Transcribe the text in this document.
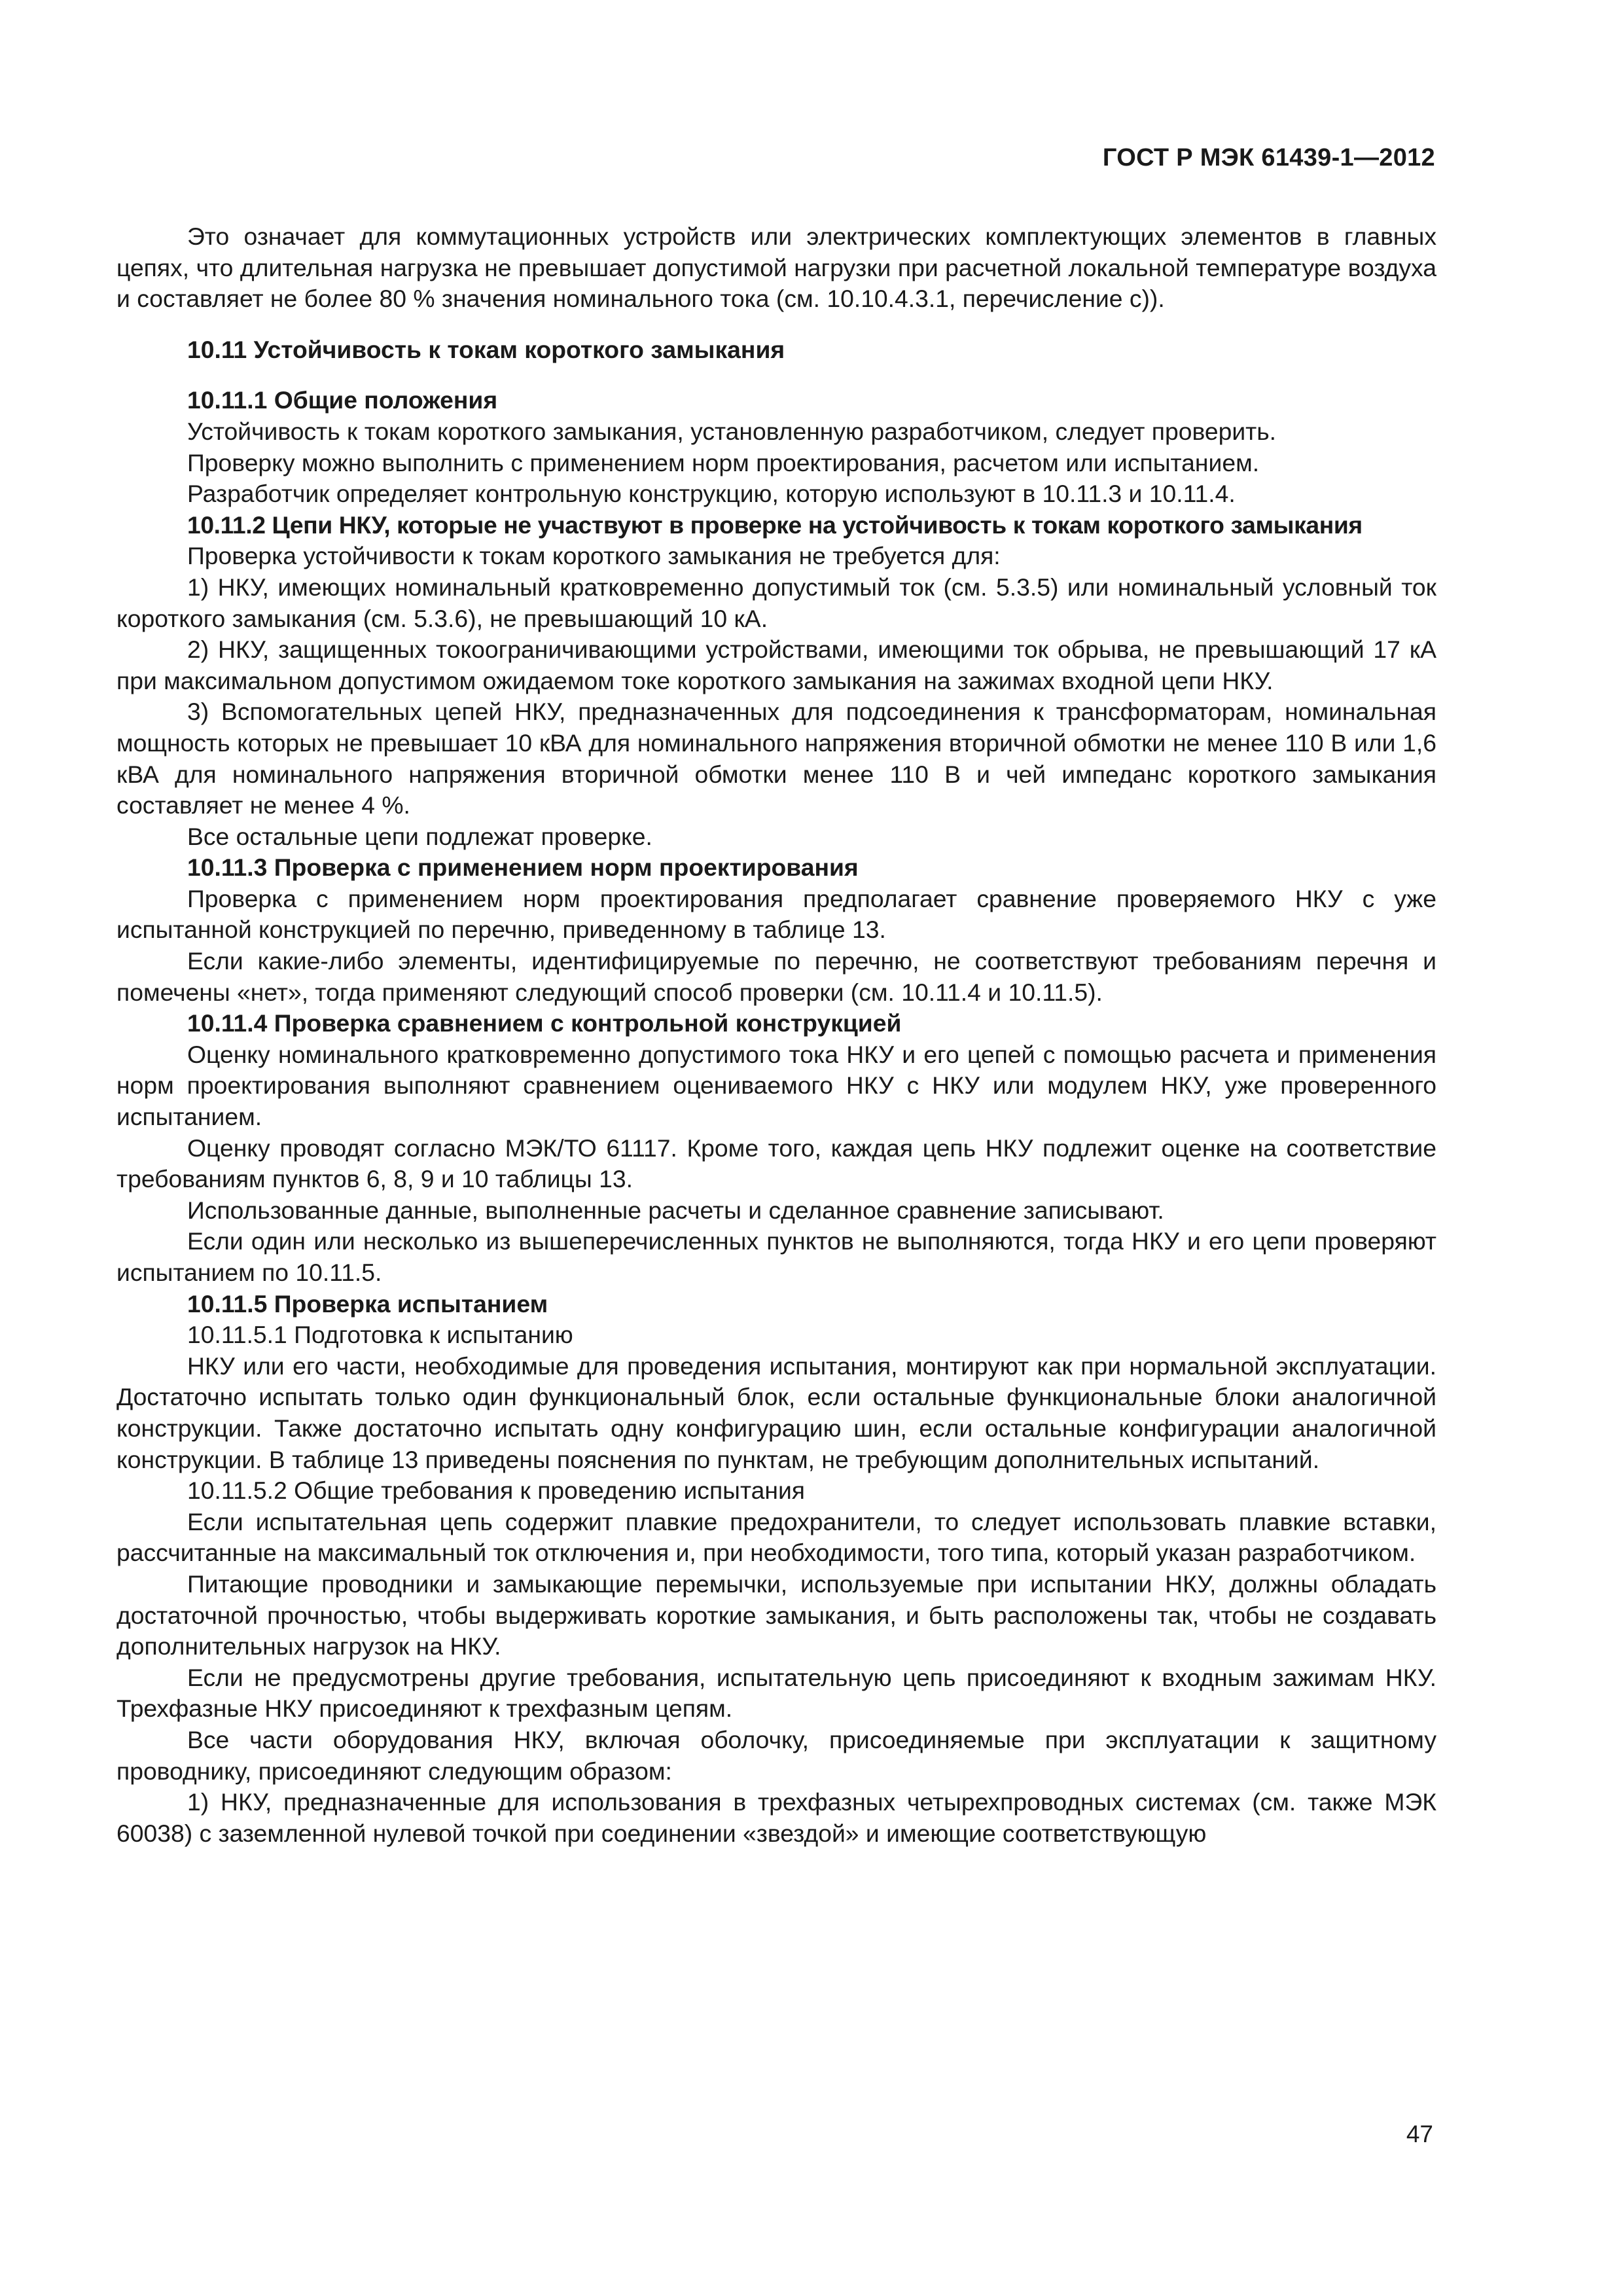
ГОСТ Р МЭК 61439-1—2012

Это означает для коммутационных устройств или электрических комплектующих элементов в главных цепях, что длительная нагрузка не превышает допустимой нагрузки при расчетной локальной температуре воздуха и составляет не более 80 % значения номинального тока (см. 10.10.4.3.1, перечисление с)).

10.11 Устойчивость к токам короткого замыкания

10.11.1 Общие положения

Устойчивость к токам короткого замыкания, установленную разработчиком, следует проверить.

Проверку можно выполнить с применением норм проектирования, расчетом или испытанием.

Разработчик определяет контрольную конструкцию, которую используют в 10.11.3 и 10.11.4.

10.11.2 Цепи НКУ, которые не участвуют в проверке на устойчивость к токам короткого замыкания

Проверка устойчивости к токам короткого замыкания не требуется для:

1) НКУ, имеющих номинальный кратковременно допустимый ток (см. 5.3.5) или номинальный условный ток короткого замыкания (см. 5.3.6), не превышающий 10 кА.

2) НКУ, защищенных токоограничивающими устройствами, имеющими ток обрыва, не превышающий 17 кА при максимальном допустимом ожидаемом токе короткого замыкания на зажимах входной цепи НКУ.

3) Вспомогательных цепей НКУ, предназначенных для подсоединения к трансформаторам, номинальная мощность которых не превышает 10 кВА для номинального напряжения вторичной обмотки не менее 110 В или 1,6 кВА для номинального напряжения вторичной обмотки менее 110 В и чей импеданс короткого замыкания составляет не менее 4 %.

Все остальные цепи подлежат проверке.

10.11.3 Проверка с применением норм проектирования

Проверка с применением норм проектирования предполагает сравнение проверяемого НКУ с уже испытанной конструкцией по перечню, приведенному в таблице 13.

Если какие-либо элементы, идентифицируемые по перечню, не соответствуют требованиям перечня и помечены «нет», тогда применяют следующий способ проверки (см. 10.11.4 и 10.11.5).

10.11.4 Проверка сравнением с контрольной конструкцией

Оценку номинального кратковременно допустимого тока НКУ и его цепей с помощью расчета и применения норм проектирования выполняют сравнением оцениваемого НКУ с НКУ или модулем НКУ, уже проверенного испытанием.

Оценку проводят согласно МЭК/ТО 61117. Кроме того, каждая цепь НКУ подлежит оценке на соответствие требованиям пунктов 6, 8, 9 и 10 таблицы 13.

Использованные данные, выполненные расчеты и сделанное сравнение записывают.

Если один или несколько из вышеперечисленных пунктов не выполняются, тогда НКУ и его цепи проверяют испытанием по 10.11.5.

10.11.5 Проверка испытанием

10.11.5.1 Подготовка к испытанию

НКУ или его части, необходимые для проведения испытания, монтируют как при нормальной эксплуатации. Достаточно испытать только один функциональный блок, если остальные функциональные блоки аналогичной конструкции. Также достаточно испытать одну конфигурацию шин, если остальные конфигурации аналогичной конструкции. В таблице 13 приведены пояснения по пунктам, не требующим дополнительных испытаний.

10.11.5.2 Общие требования к проведению испытания

Если испытательная цепь содержит плавкие предохранители, то следует использовать плавкие вставки, рассчитанные на максимальный ток отключения и, при необходимости, того типа, который указан разработчиком.

Питающие проводники и замыкающие перемычки, используемые при испытании НКУ, должны обладать достаточной прочностью, чтобы выдерживать короткие замыкания, и быть расположены так, чтобы не создавать дополнительных нагрузок на НКУ.

Если не предусмотрены другие требования, испытательную цепь присоединяют к входным зажимам НКУ. Трехфазные НКУ присоединяют к трехфазным цепям.

Все части оборудования НКУ, включая оболочку, присоединяемые при эксплуатации к защитному проводнику, присоединяют следующим образом:

1) НКУ, предназначенные для использования в трехфазных четырехпроводных системах (см. также МЭК 60038) с заземленной нулевой точкой при соединении «звездой» и имеющие соответствующую

47
